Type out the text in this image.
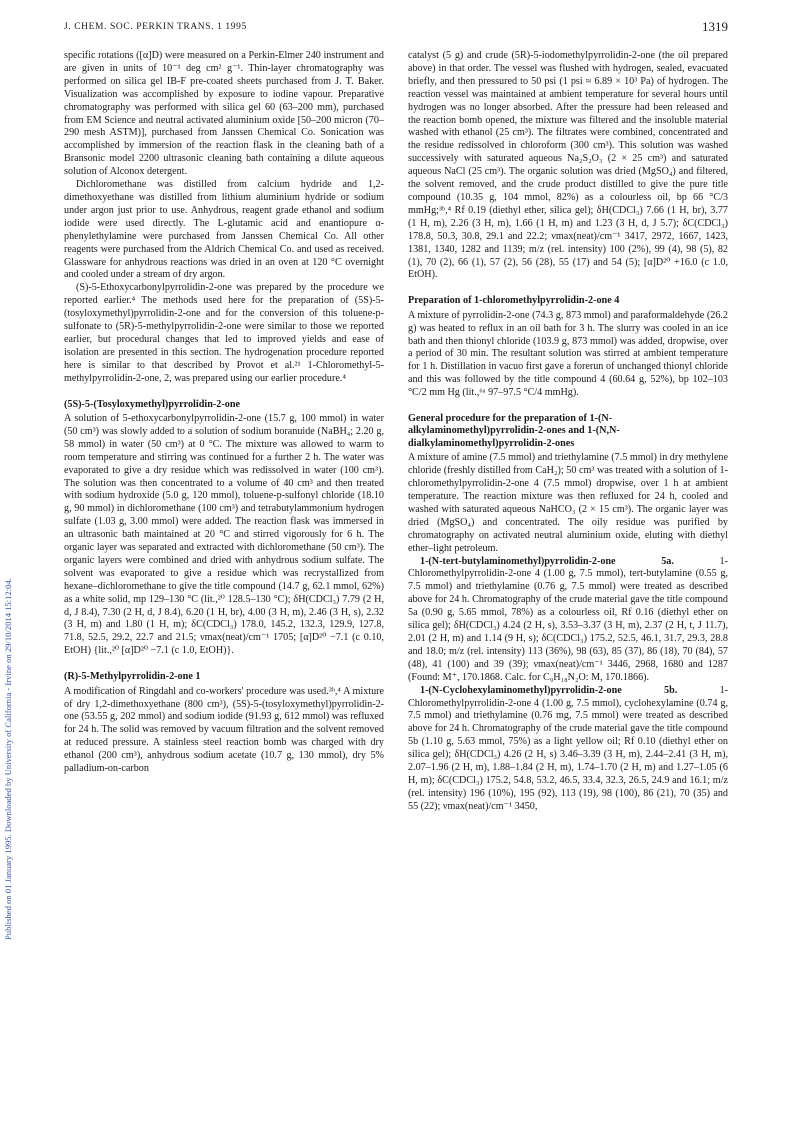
J. CHEM. SOC. PERKIN TRANS. 1 1995	1319
Published on 01 January 1995. Downloaded by University of California - Irvine on 29/10/2014 15:12:04.

specific rotations ([α]D) were measured on a Perkin-Elmer 240 instrument and are given in units of 10⁻¹ deg cm² g⁻¹. Thin-layer chromatography was performed on silica gel IB-F pre-coated sheets purchased from J. T. Baker. Visualization was accomplished by exposure to iodine vapour. Preparative chromatography was performed with silica gel 60 (63–200 mm), purchased from EM Science and neutral activated aluminium oxide [50–200 micron (70–290 mesh ASTM)], purchased from Janssen Chemical Co. Sonication was accomplished by immersion of the reaction flask in the cleaning bath of a Bransonic model 2200 ultrasonic cleaning bath containing a dilute aqueous solution of Alconox detergent.

Dichloromethane was distilled from calcium hydride and 1,2-dimethoxyethane was distilled from lithium aluminium hydride or sodium under argon just prior to use. Anhydrous, reagent grade ethanol and sodium iodide were used directly. The L-glutamic acid and enantiopure α-phenylethylamine were purchased from Janssen Chemical Co. All other reagents were purchased from the Aldrich Chemical Co. and used as received. Glassware for anhydrous reactions was dried in an oven at 120 °C overnight and cooled under a stream of dry argon.

(S)-5-Ethoxycarbonylpyrrolidin-2-one was prepared by the procedure we reported earlier.⁴ The methods used here for the preparation of (5S)-5-(tosyloxymethyl)pyrrolidin-2-one and for the conversion of this toluene-p-sulfonate to (5R)-5-methylpyrrolidin-2-one were similar to those we reported earlier, but procedural changes that led to improved yields and ease of isolation are presented in this section. The hydrogenation procedure reported here is similar to that described by Provot et al.²¹ 1-Chloromethyl-5-methylpyrrolidin-2-one, 2, was prepared using our earlier procedure.⁴

(5S)-5-(Tosyloxymethyl)pyrrolidin-2-one

A solution of 5-ethoxycarbonylpyrrolidin-2-one (15.7 g, 100 mmol) in water (50 cm³) was slowly added to a solution of sodium boranuide (NaBH₄; 2.20 g, 58 mmol) in water (50 cm³) at 0 °C. The mixture was allowed to warm to room temperature and stirring was continued for a further 2 h. The water was evaporated to give a dry residue which was redissolved in water (100 cm³). The solution was then concentrated to a volume of 40 cm³ and then treated with sodium hydroxide (5.0 g, 120 mmol), toluene-p-sulfonyl chloride (18.10 g, 90 mmol) in dichloromethane (100 cm³) and tetrabutylammonium hydrogen sulfate (1.03 g, 3.00 mmol) were added. The reaction flask was immersed in an ultrasonic bath maintained at 20 °C and stirred vigorously for 6 h. The organic layer was separated and extracted with dichloromethane (50 cm³). The organic layers were combined and dried with anhydrous sodium sulfate. The solvent was evaporated to give a residue which was recrystallized from hexane–dichloromethane to give the title compound (14.7 g, 62.1 mmol, 62%) as a white solid, mp 129–130 °C (lit.,²⁰ 128.5–130 °C); δH(CDCl₃) 7.79 (2 H, d, J 8.4), 7.30 (2 H, d, J 8.4), 6.20 (1 H, br), 4.00 (3 H, m), 2.46 (3 H, s), 2.32 (3 H, m) and 1.80 (1 H, m); δC(CDCl₃) 178.0, 145.2, 132.3, 129.9, 127.8, 71.8, 52.5, 29.2, 22.7 and 21.5; νmax(neat)/cm⁻¹ 1705; [α]D²⁰ −7.1 (c 0.10, EtOH) {lit.,²⁰ [α]D²⁰ −7.1 (c 1.0, EtOH)}.

(R)-5-Methylpyrrolidin-2-one 1

A modification of Ringdahl and co-workers' procedure was used.³ᵇ,⁴ A mixture of dry 1,2-dimethoxyethane (800 cm³), (5S)-5-(tosyloxymethyl)pyrrolidin-2-one (53.55 g, 202 mmol) and sodium iodide (91.93 g, 612 mmol) was refluxed for 24 h. The solid was removed by vacuum filtration and the solvent removed at reduced pressure. A stainless steel reaction bomb was charged with dry ethanol (200 cm³), anhydrous sodium acetate (10.7 g, 130 mmol), dry 5% palladium-on-carbon

catalyst (5 g) and crude (5R)-5-iodomethylpyrrolidin-2-one (the oil prepared above) in that order. The vessel was flushed with hydrogen, sealed, evacuated briefly, and then pressured to 50 psi (1 psi ≈ 6.89 × 10³ Pa) of hydrogen. The reaction vessel was maintained at ambient temperature for several hours until hydrogen was no longer absorbed. After the pressure had been released and the reaction bomb opened, the mixture was filtered and the insoluble material washed with ethanol (25 cm³). The filtrates were combined, concentrated and the residue redissolved in chloroform (300 cm³). This solution was washed successively with saturated aqueous Na₂S₂O₃ (2 × 25 cm³) and saturated aqueous NaCl (25 cm³). The organic solution was dried (MgSO₄) and filtered, the solvent removed, and the crude product distilled to give the pure title compound (10.35 g, 104 mmol, 82%) as a colourless oil, bp 66 °C/3 mmHg;³ᵇ,⁴ Rf 0.19 (diethyl ether, silica gel); δH(CDCl₃) 7.66 (1 H, br), 3.77 (1 H, m), 2.26 (3 H, m), 1.66 (1 H, m) and 1.23 (3 H, d, J 5.7); δC(CDCl₃) 178.8, 50.3, 30.8, 29.1 and 22.2; νmax(neat)/cm⁻¹ 3417, 2972, 1667, 1423, 1381, 1340, 1282 and 1139; m/z (rel. intensity) 100 (2%), 99 (4), 98 (5), 82 (1), 70 (2), 66 (1), 57 (2), 56 (28), 55 (17) and 54 (5); [α]D²⁰ +16.0 (c 1.0, EtOH).

Preparation of 1-chloromethylpyrrolidin-2-one 4

A mixture of pyrrolidin-2-one (74.3 g, 873 mmol) and paraformaldehyde (26.2 g) was heated to reflux in an oil bath for 3 h. The slurry was cooled in an ice bath and then thionyl chloride (103.9 g, 873 mmol) was added, dropwise, over a period of 30 min. The resultant solution was stirred at ambient temperature for 1 h. Distillation in vacuo first gave a forerun of unchanged thionyl chloride and this was followed by the title compound 4 (60.64 g, 52%), bp 102–103 °C/2 mm Hg (lit.,⁶ᵃ 97–97.5 °C/4 mmHg).

General procedure for the preparation of 1-(N-alkylaminomethyl)pyrrolidin-2-ones and 1-(N,N-dialkylaminomethyl)pyrrolidin-2-ones

A mixture of amine (7.5 mmol) and triethylamine (7.5 mmol) in dry methylene chloride (freshly distilled from CaH₂); 50 cm³ was treated with a solution of 1-chloromethylpyrrolidin-2-one 4 (7.5 mmol) dropwise, over 1 h at ambient temperature. The reaction mixture was then refluxed for 24 h, cooled and washed with saturated aqueous NaHCO₃ (2 × 15 cm³). The organic layer was dried (MgSO₄) and concentrated. The oily residue was purified by chromatography on activated neutral aluminium oxide, eluting with diethyl ether–light petroleum.

1-(N-tert-butylaminomethyl)pyrrolidin-2-one 5a. 1-Chloromethylpyrrolidin-2-one 4 (1.00 g, 7.5 mmol), tert-butylamine (0.55 g, 7.5 mmol) and triethylamine (0.76 g, 7.5 mmol) were treated as described above for 24 h. Chromatography of the crude material gave the title compound 5a (0.90 g, 5.65 mmol, 78%) as a colourless oil, Rf 0.16 (diethyl ether on silica gel); δH(CDCl₃) 4.24 (2 H, s), 3.53–3.37 (3 H, m), 2.37 (2 H, t, J 11.7), 2.01 (2 H, m) and 1.14 (9 H, s); δC(CDCl₃) 175.2, 52.5, 46.1, 31.7, 29.3, 28.8 and 18.0; m/z (rel. intensity) 113 (36%), 98 (63), 85 (37), 86 (18), 70 (84), 57 (48), 41 (100) and 39 (39); νmax(neat)/cm⁻¹ 3446, 2968, 1680 and 1287 (Found: M⁺, 170.1868. Calc. for C₉H₁₈N₂O: M, 170.1866).

1-(N-Cyclohexylaminomethyl)pyrrolidin-2-one 5b. 1-Chloromethylpyrrolidin-2-one 4 (1.00 g, 7.5 mmol), cyclohexylamine (0.74 g, 7.5 mmol) and triethylamine (0.76 mg, 7.5 mmol) were treated as described above for 24 h. Chromatography of the crude material gave the title compound 5b (1.10 g, 5.63 mmol, 75%) as a light yellow oil; Rf 0.10 (diethyl ether on silica gel); δH(CDCl₃) 4.26 (2 H, s) 3.46–3.39 (3 H, m), 2.44–2.41 (3 H, m), 2.07–1.96 (2 H, m), 1.88–1.84 (2 H, m), 1.74–1.70 (2 H, m) and 1.27–1.05 (6 H, m); δC(CDCl₃) 175.2, 54.8, 53.2, 46.5, 33.4, 32.3, 26.5, 24.9 and 16.1; m/z (rel. intensity) 196 (10%), 195 (92), 113 (19), 98 (100), 86 (21), 70 (35) and 55 (22); νmax(neat)/cm⁻¹ 3450,
